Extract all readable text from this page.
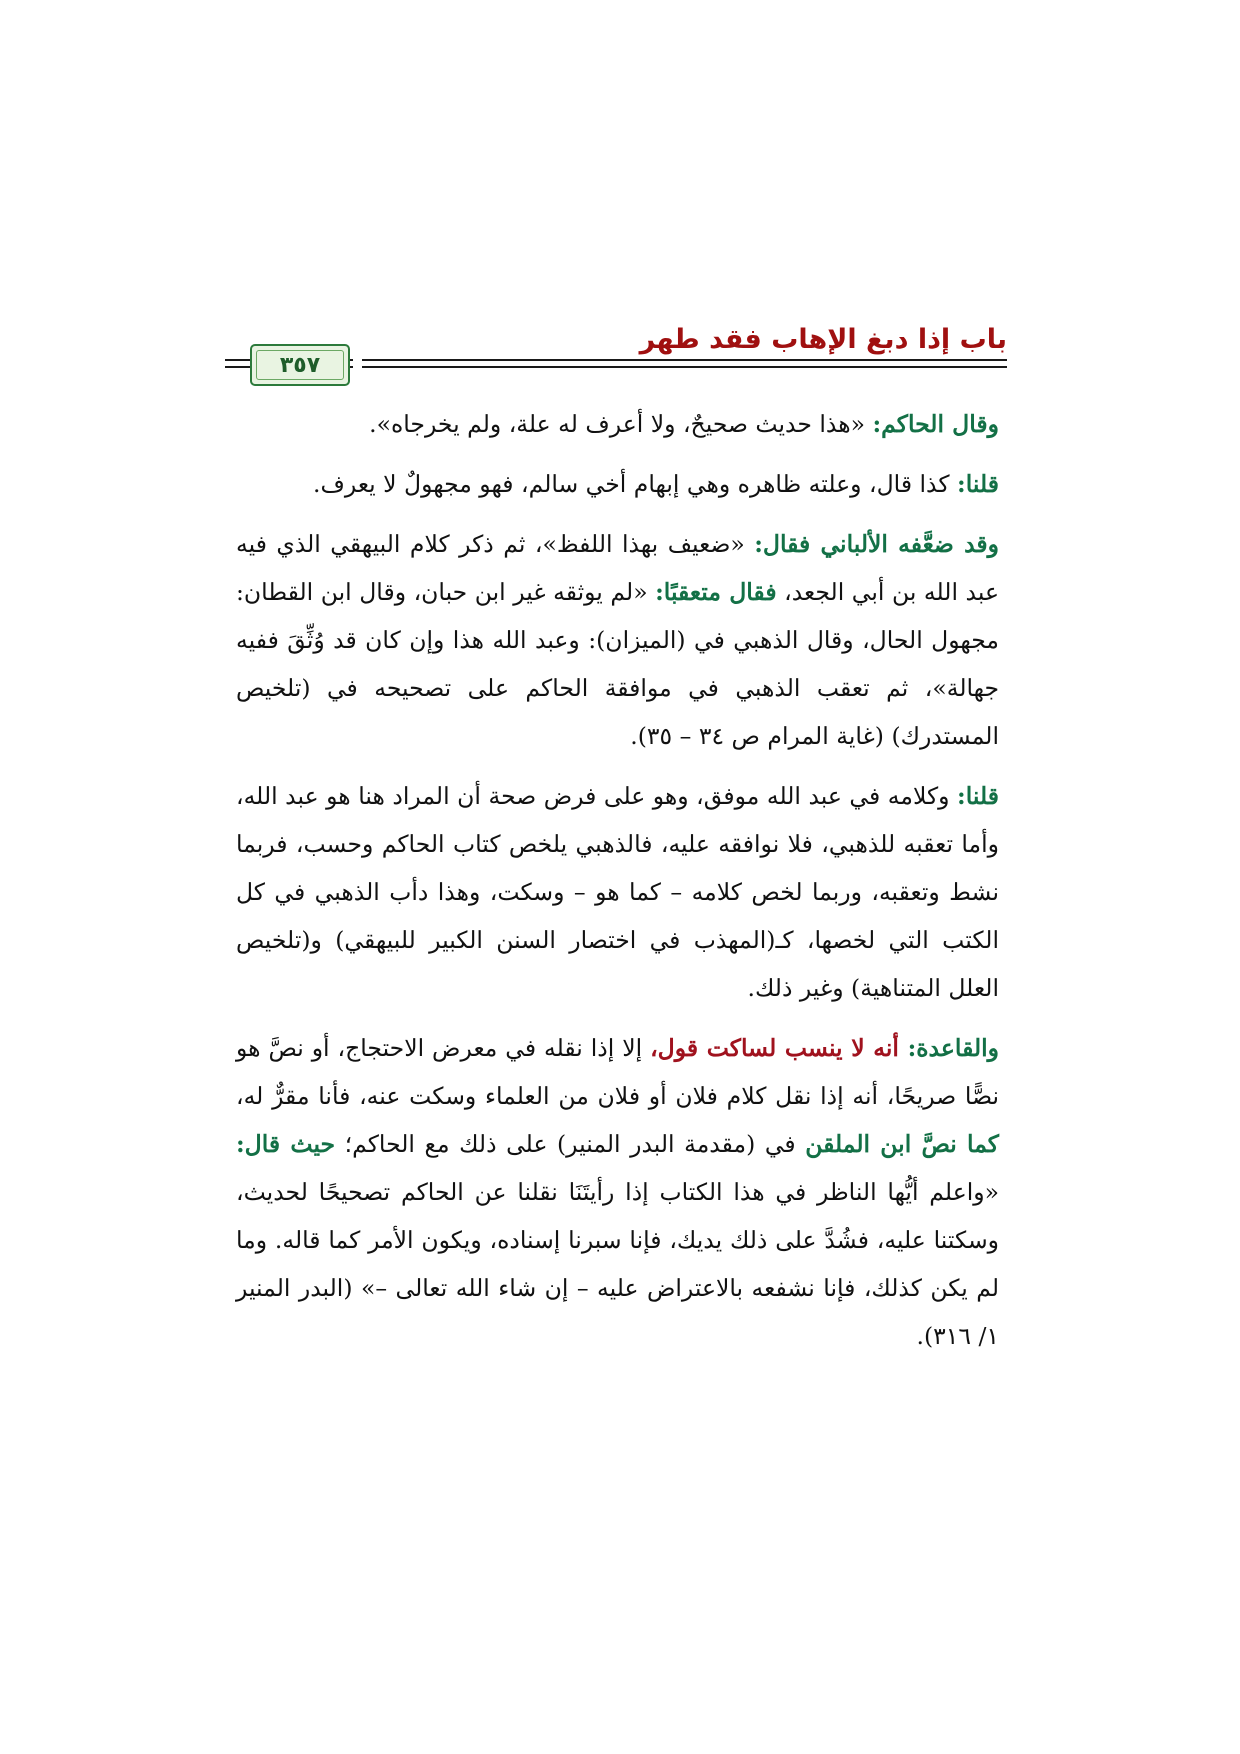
٣٥٧
باب إذا دبغ الإهاب فقد طهر

وقال الحاكم: «هذا حديث صحيحٌ، ولا أعرف له علة، ولم يخرجاه».

قلنا: كذا قال، وعلته ظاهره وهي إبهام أخي سالم، فهو مجهولٌ لا يعرف.

وقد ضعَّفه الألباني فقال: «ضعيف بهذا اللفظ»، ثم ذكر كلام البيهقي الذي فيه عبد الله بن أبي الجعد، فقال متعقبًا: «لم يوثقه غير ابن حبان، وقال ابن القطان: مجهول الحال، وقال الذهبي في (الميزان): وعبد الله هذا وإن كان قد وُثِّقَ ففيه جهالة»، ثم تعقب الذهبي في موافقة الحاكم على تصحيحه في (تلخيص المستدرك) (غاية المرام ص ٣٤ – ٣٥).

قلنا: وكلامه في عبد الله موفق، وهو على فرض صحة أن المراد هنا هو عبد الله، وأما تعقبه للذهبي، فلا نوافقه عليه، فالذهبي يلخص كتاب الحاكم وحسب، فربما نشط وتعقبه، وربما لخص كلامه – كما هو – وسكت، وهذا دأب الذهبي في كل الكتب التي لخصها، كـ(المهذب في اختصار السنن الكبير للبيهقي) و(تلخيص العلل المتناهية) وغير ذلك.

والقاعدة: أنه لا ينسب لساكت قول، إلا إذا نقله في معرض الاحتجاج، أو نصَّ هو نصًّا صريحًا، أنه إذا نقل كلام فلان أو فلان من العلماء وسكت عنه، فأنا مقرٌّ له، كما نصَّ ابن الملقن في (مقدمة البدر المنير) على ذلك مع الحاكم؛ حيث قال: «واعلم أيُّها الناظر في هذا الكتاب إذا رأيتَنَا نقلنا عن الحاكم تصحيحًا لحديث، وسكتنا عليه، فشُدَّ على ذلك يديك، فإنا سبرنا إسناده، ويكون الأمر كما قاله. وما لم يكن كذلك، فإنا نشفعه بالاعتراض عليه – إن شاء الله تعالى –» (البدر المنير ١/ ٣١٦).
